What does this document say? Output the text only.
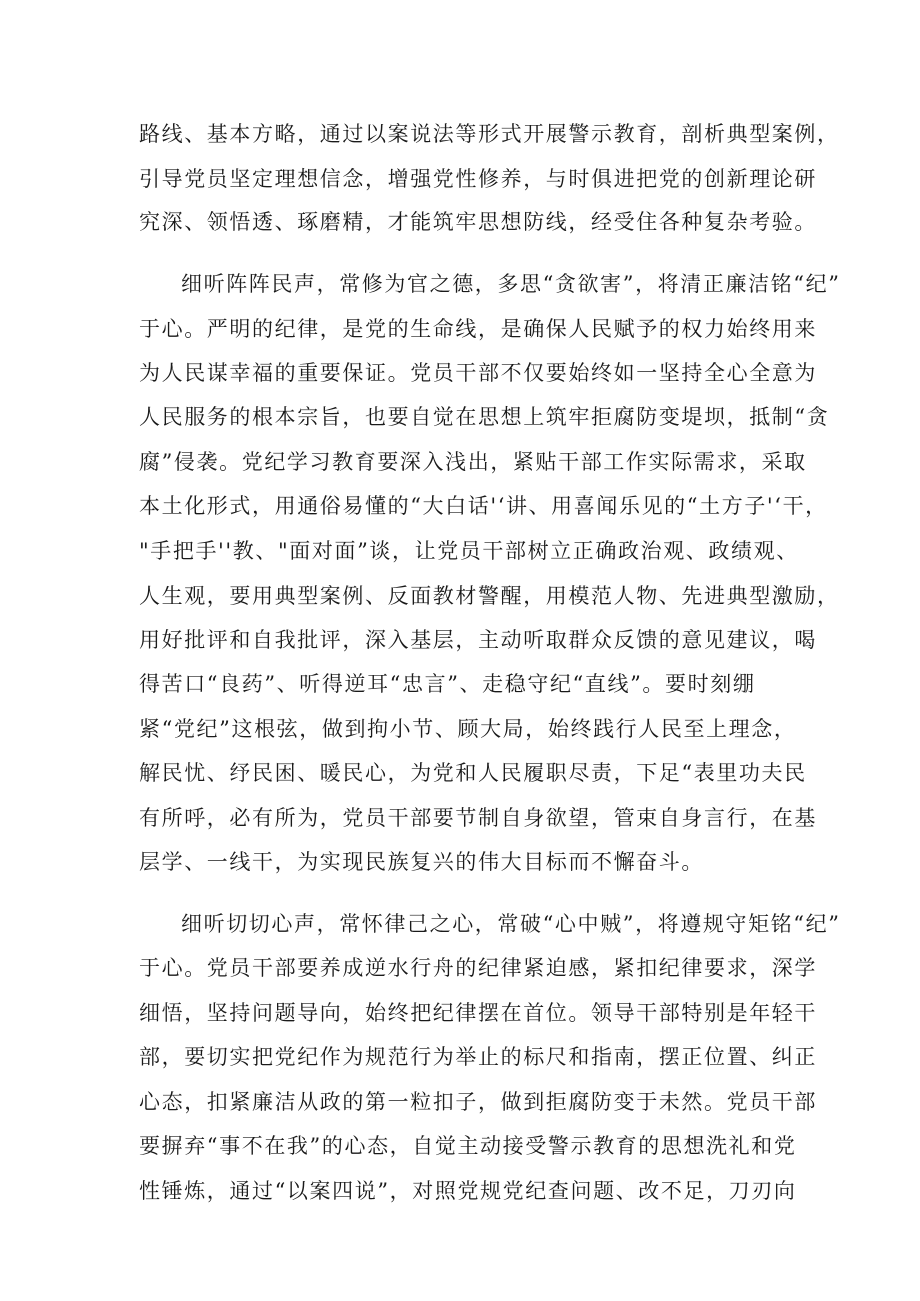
路线、基本方略，通过以案说法等形式开展警示教育，剖析典型案例，
引导党员坚定理想信念，增强党性修养，与时俱进把党的创新理论研
究深、领悟透、琢磨精，才能筑牢思想防线，经受住各种复杂考验。
细听阵阵民声，常修为官之德，多思“贪欲害”，将清正廉洁铭“纪”
于心。严明的纪律，是党的生命线，是确保人民赋予的权力始终用来
为人民谋幸福的重要保证。党员干部不仅要始终如一坚持全心全意为
人民服务的根本宗旨，也要自觉在思想上筑牢拒腐防变堤坝，抵制“贪
腐”侵袭。党纪学习教育要深入浅出，紧贴干部工作实际需求，采取
本土化形式，用通俗易懂的“大白话'‘讲、用喜闻乐见的“土方子'‘干，
"手把手''教、"面对面”谈，让党员干部树立正确政治观、政绩观、
人生观，要用典型案例、反面教材警醒，用模范人物、先进典型激励，
用好批评和自我批评，深入基层，主动听取群众反馈的意见建议，喝
得苦口“良药”、听得逆耳“忠言”、走稳守纪“直线”。要时刻绷
紧“党纪”这根弦，做到拘小节、顾大局，始终践行人民至上理念，
解民忧、纾民困、暖民心，为党和人民履职尽责，下足“表里功夫民
有所呼，必有所为，党员干部要节制自身欲望，管束自身言行，在基
层学、一线干，为实现民族复兴的伟大目标而不懈奋斗。
细听切切心声，常怀律己之心，常破“心中贼”，将遵规守矩铭“纪”
于心。党员干部要养成逆水行舟的纪律紧迫感，紧扣纪律要求，深学
细悟，坚持问题导向，始终把纪律摆在首位。领导干部特别是年轻干
部，要切实把党纪作为规范行为举止的标尺和指南，摆正位置、纠正
心态，扣紧廉洁从政的第一粒扣子，做到拒腐防变于未然。党员干部
要摒弃“事不在我”的心态，自觉主动接受警示教育的思想洗礼和党
性锤炼，通过“以案四说”，对照党规党纪查问题、改不足，刀刃向
